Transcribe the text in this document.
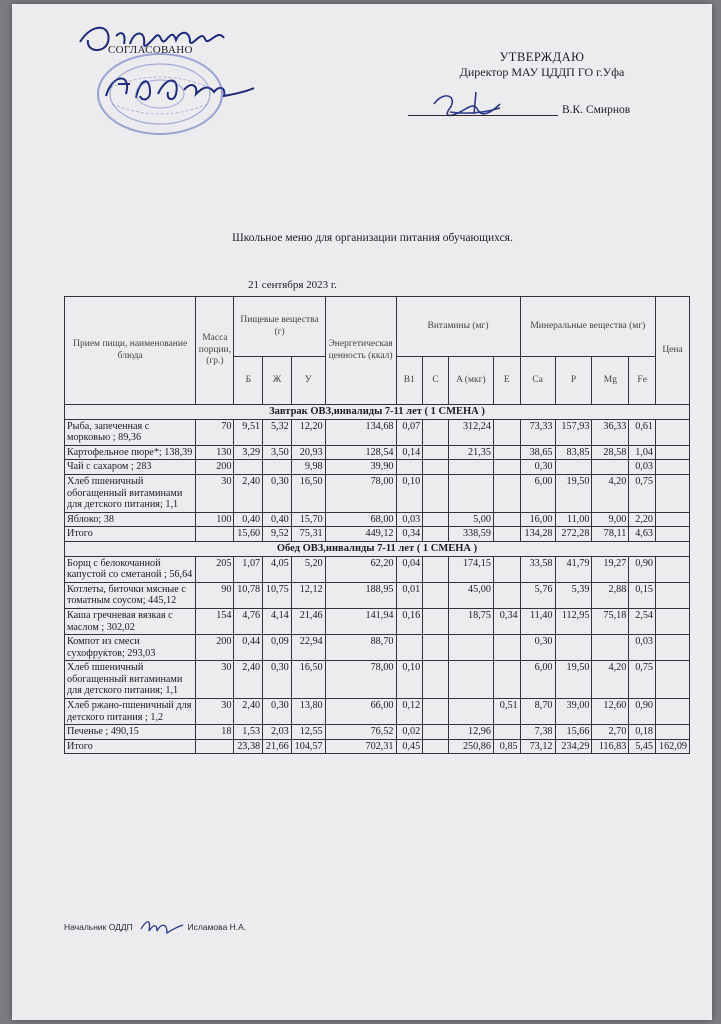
СОГЛАСОВАНО	УТВЕРЖДАЮ
Директор МАУ ЦДДП ГО г.Уфа
В.К. Смирнов
Школьное меню для организации питания обучающихся.
21 сентября 2023 г.
Прием пищи, наименование блюда	Масса порции, (гр.)	Пищевые вещества (г)			Энергетическая ценность (ккал)	Витамины (мг)				Минеральные вещества (мг)				Цена
		Б	Ж	У		B1	C	A (мкг)	E	Ca	P	Mg	Fe	
Завтрак ОВЗ,инвалиды 7-11 лет ( 1 СМЕНА )														
Рыба, запеченная с морковью ; 89,36	70	9,51	5,32	12,20	134,68	0,07		312,24		73,33	157,93	36,33	0,61	
Картофельное пюре*; 138,39	130	3,29	3,50	20,93	128,54	0,14		21,35		38,65	83,85	28,58	1,04	
Чай с сахаром ; 283	200			9,98	39,90					0,30			0,03	
Хлеб пшеничный обогащенный витаминами для детского питания; 1,1	30	2,40	0,30	16,50	78,00	0,10				6,00	19,50	4,20	0,75	
Яблоко; 38	100	0,40	0,40	15,70	68,00	0,03		5,00		16,00	11,00	9,00	2,20	
Итого		15,60	9,52	75,31	449,12	0,34		338,59		134,28	272,28	78,11	4,63	
Обед ОВЗ,инвалиды 7-11 лет ( 1 СМЕНА )														
Борщ с белокочанной капустой со сметаной ; 56,64	205	1,07	4,05	5,20	62,20	0,04		174,15		33,58	41,79	19,27	0,90	
Котлеты, биточки мясные с томатным соусом; 445,12	90	10,78	10,75	12,12	188,95	0,01		45,00		5,76	5,39	2,88	0,15	
Каша гречневая вязкая с маслом ; 302,02	154	4,76	4,14	21,46	141,94	0,16		18,75	0,34	11,40	112,95	75,18	2,54	
Компот из смеси сухофруктов; 293,03	200	0,44	0,09	22,94	88,70					0,30			0,03	
Хлеб пшеничный обогащенный витаминами для детского питания; 1,1	30	2,40	0,30	16,50	78,00	0,10				6,00	19,50	4,20	0,75	
Хлеб ржано-пшеничный для детского питания ; 1,2	30	2,40	0,30	13,80	66,00	0,12			0,51	8,70	39,00	12,60	0,90	
Печенье ; 490,15	18	1,53	2,03	12,55	76,52	0,02		12,96		7,38	15,66	2,70	0,18	
Итого		23,38	21,66	104,57	702,31	0,45		250,86	0,85	73,12	234,29	116,83	5,45	162,09
Начальник ОДДП	Исламова Н.А.
